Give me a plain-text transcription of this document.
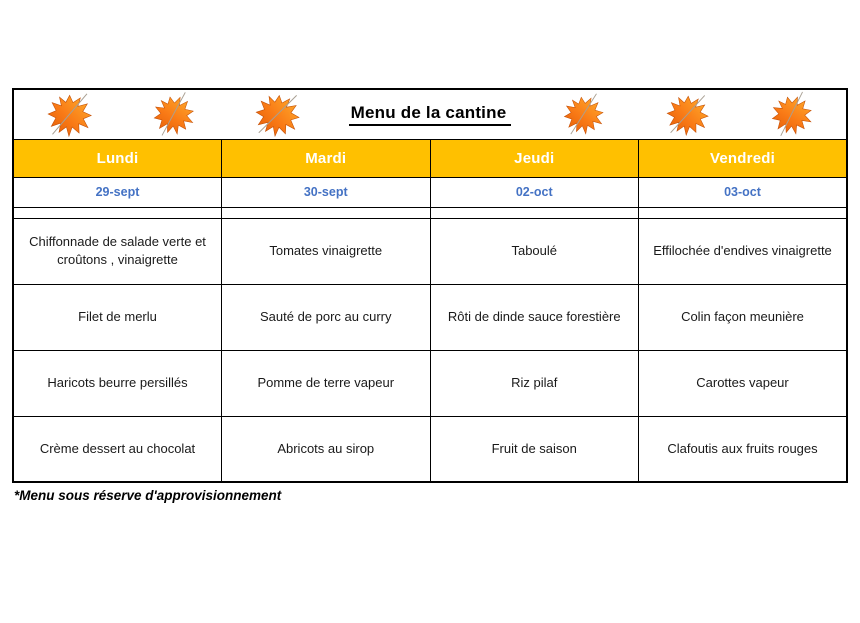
Menu de la cantine			

Lundi	Mardi	Jeudi	Vendredi
29-sept	30-sept	02-oct	03-oct

Chiffonnade de salade verte et croûtons , vinaigrette	Tomates vinaigrette	Taboulé	Effilochée d'endives vinaigrette
Filet de merlu	Sauté de porc au curry	Rôti de dinde sauce forestière	Colin façon meunière
Haricots beurre persillés	Pomme de terre vapeur	Riz pilaf	Carottes vapeur
Crème dessert au chocolat	Abricots au sirop	Fruit de saison	Clafoutis aux fruits rouges
*Menu sous réserve d'approvisionnement
